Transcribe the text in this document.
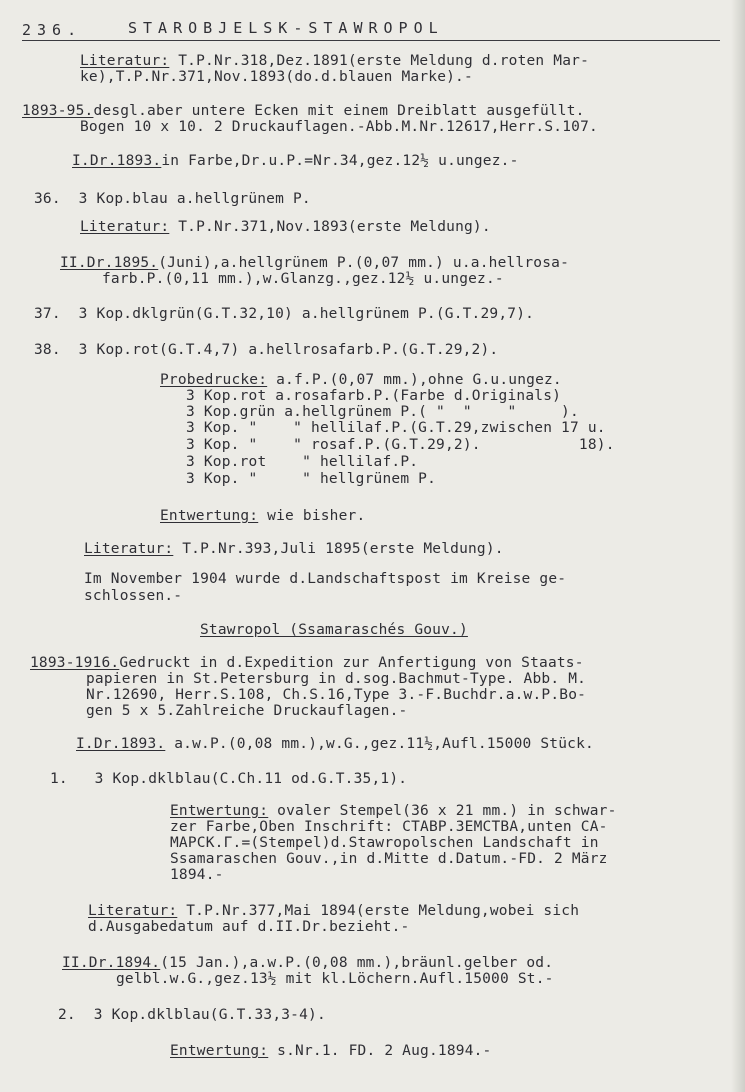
236.	STAROBJELSK-STAWROPOL
Literatur: T.P.Nr.318,Dez.1891(erste Meldung d.roten Mar-
ke),T.P.Nr.371,Nov.1893(do.d.blauen Marke).-
1893-95.desgl.aber untere Ecken mit einem Dreiblatt ausgefüllt.
Bogen 10 x 10. 2 Druckauflagen.-Abb.M.Nr.12617,Herr.S.107.
I.Dr.1893.in Farbe,Dr.u.P.=Nr.34,gez.12½ u.ungez.-
36.  3 Kop.blau a.hellgrünem P.
Literatur: T.P.Nr.371,Nov.1893(erste Meldung).
II.Dr.1895.(Juni),a.hellgrünem P.(0,07 mm.) u.a.hellrosa-
farb.P.(0,11 mm.),w.Glanzg.,gez.12½ u.ungez.-
37.  3 Kop.dklgrün(G.T.32,10) a.hellgrünem P.(G.T.29,7).
38.  3 Kop.rot(G.T.4,7) a.hellrosafarb.P.(G.T.29,2).
Probedrucke: a.f.P.(0,07 mm.),ohne G.u.ungez.
3 Kop.rot a.rosafarb.P.(Farbe d.Originals)
3 Kop.grün a.hellgrünem P.( "  "    "     ).
3 Kop. "    " hellilaf.P.(G.T.29,zwischen 17 u.
3 Kop. "    " rosaf.P.(G.T.29,2).           18).
3 Kop.rot    " hellilaf.P.
3 Kop. "     " hellgrünem P.
Entwertung: wie bisher.
Literatur: T.P.Nr.393,Juli 1895(erste Meldung).
Im November 1904 wurde d.Landschaftspost im Kreise ge-
schlossen.-
Stawropol (Ssamaraschés Gouv.)
1893-1916.Gedruckt in d.Expedition zur Anfertigung von Staats-
papieren in St.Petersburg in d.sog.Bachmut-Type. Abb. M.
Nr.12690, Herr.S.108, Ch.S.16,Type 3.-F.Buchdr.a.w.P.Bo-
gen 5 x 5.Zahlreiche Druckauflagen.-
I.Dr.1893. a.w.P.(0,08 mm.),w.G.,gez.11½,Aufl.15000 Stück.
1.   3 Kop.dklblau(C.Ch.11 od.G.T.35,1).
Entwertung: ovaler Stempel(36 x 21 mm.) in schwar-
zer Farbe,Oben Inschrift: CTABP.ЗEMCTBA,unten CA-
MAPCK.Г.=(Stempel)d.Stawropolschen Landschaft in
Ssamaraschen Gouv.,in d.Mitte d.Datum.-FD. 2 März
1894.-
Literatur: T.P.Nr.377,Mai 1894(erste Meldung,wobei sich
d.Ausgabedatum auf d.II.Dr.bezieht.-
II.Dr.1894.(15 Jan.),a.w.P.(0,08 mm.),bräunl.gelber od.
gelbl.w.G.,gez.13½ mit kl.Löchern.Aufl.15000 St.-
2.  3 Kop.dklblau(G.T.33,3-4).
Entwertung: s.Nr.1. FD. 2 Aug.1894.-
